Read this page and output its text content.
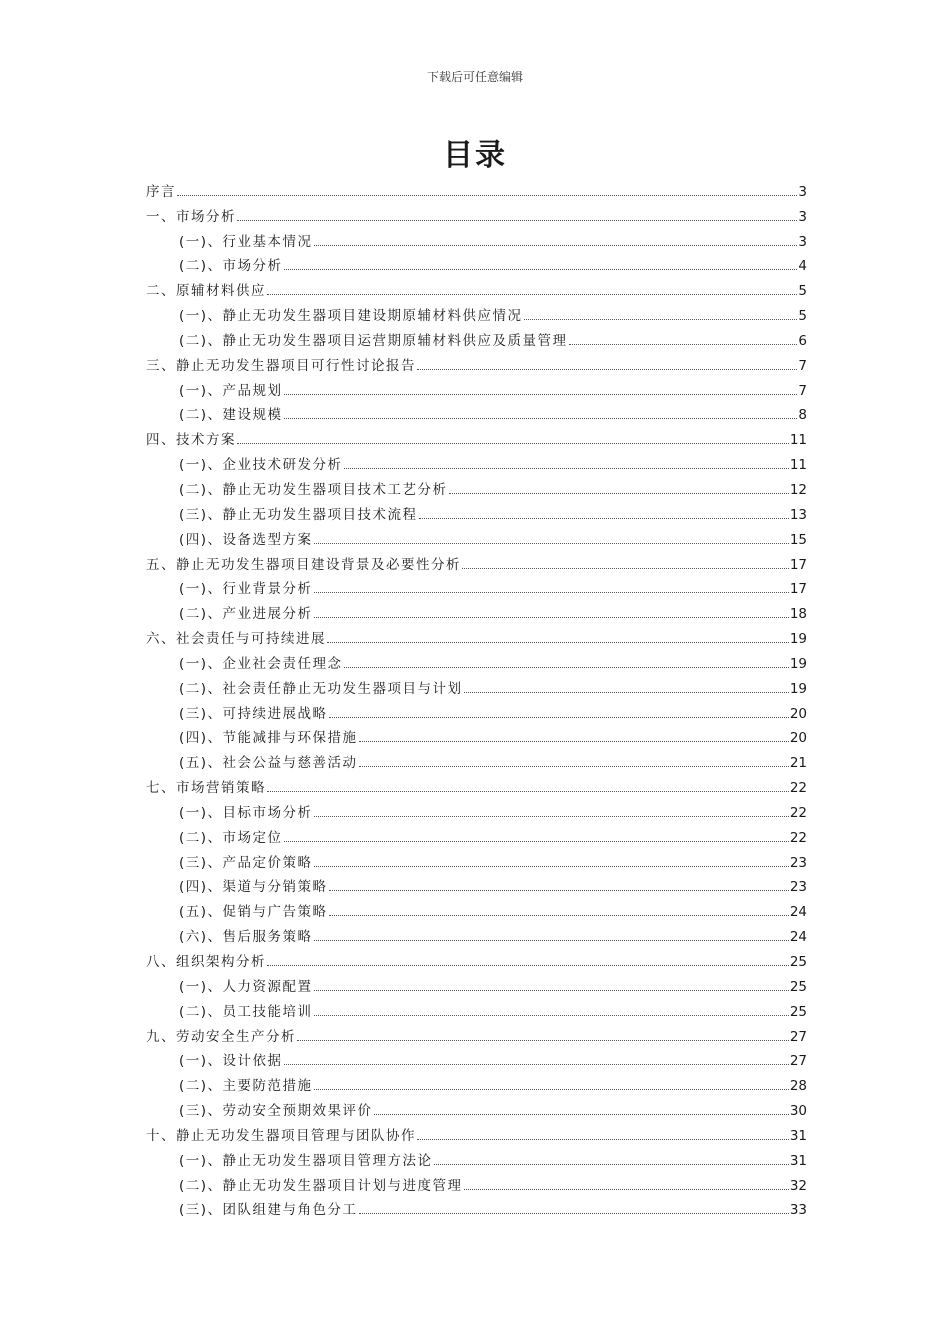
下载后可任意编辑
目录
序言	3
一、市场分析	3
(一)、行业基本情况	3
(二)、市场分析	4
二、原辅材料供应	5
(一)、静止无功发生器项目建设期原辅材料供应情况	5
(二)、静止无功发生器项目运营期原辅材料供应及质量管理	6
三、静止无功发生器项目可行性讨论报告	7
(一)、产品规划	7
(二)、建设规模	8
四、技术方案	11
(一)、企业技术研发分析	11
(二)、静止无功发生器项目技术工艺分析	12
(三)、静止无功发生器项目技术流程	13
(四)、设备选型方案	15
五、静止无功发生器项目建设背景及必要性分析	17
(一)、行业背景分析	17
(二)、产业进展分析	18
六、社会责任与可持续进展	19
(一)、企业社会责任理念	19
(二)、社会责任静止无功发生器项目与计划	19
(三)、可持续进展战略	20
(四)、节能减排与环保措施	20
(五)、社会公益与慈善活动	21
七、市场营销策略	22
(一)、目标市场分析	22
(二)、市场定位	22
(三)、产品定价策略	23
(四)、渠道与分销策略	23
(五)、促销与广告策略	24
(六)、售后服务策略	24
八、组织架构分析	25
(一)、人力资源配置	25
(二)、员工技能培训	25
九、劳动安全生产分析	27
(一)、设计依据	27
(二)、主要防范措施	28
(三)、劳动安全预期效果评价	30
十、静止无功发生器项目管理与团队协作	31
(一)、静止无功发生器项目管理方法论	31
(二)、静止无功发生器项目计划与进度管理	32
(三)、团队组建与角色分工	33
